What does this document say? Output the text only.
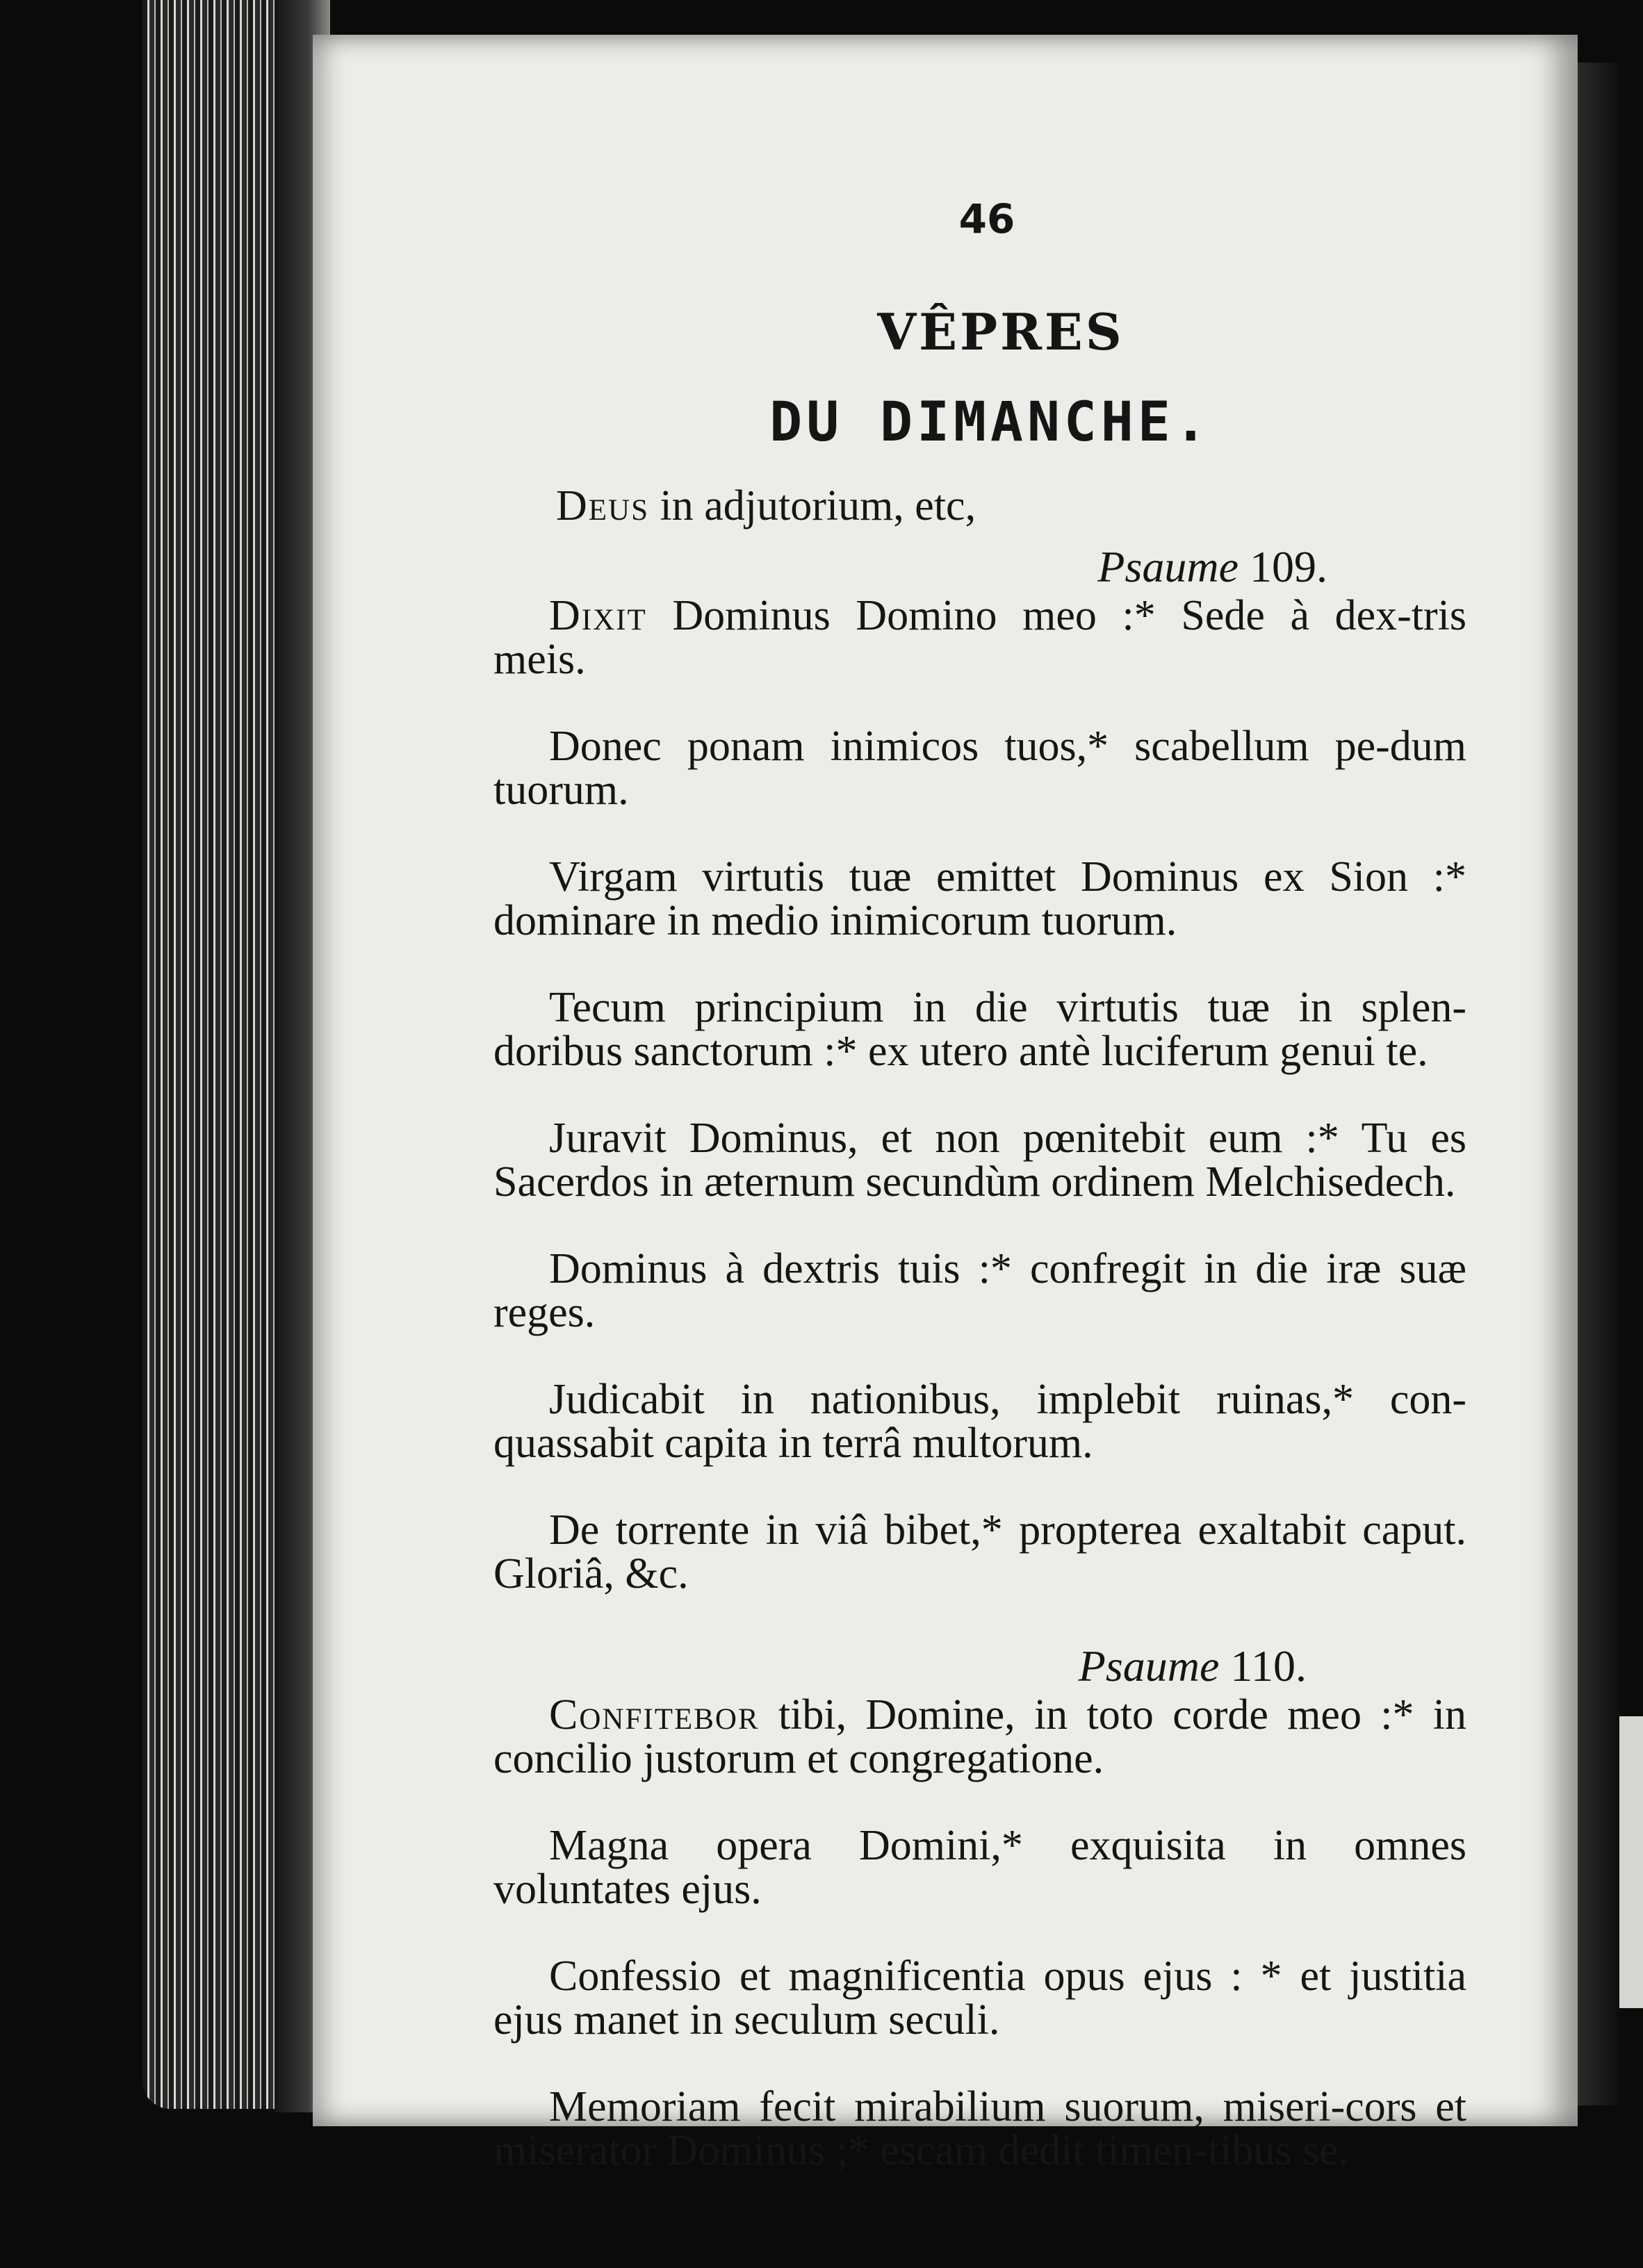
46
VÊPRES
DU DIMANCHE.
Deus in adjutorium, etc,
Psaume 109.

Dixit Dominus Domino meo :* Sede à dex-tris meis.

Donec ponam inimicos tuos,* scabellum pe-dum tuorum.

Virgam virtutis tuæ emittet Dominus ex Sion :* dominare in medio inimicorum tuorum.

Tecum principium in die virtutis tuæ in splen-doribus sanctorum :* ex utero antè luciferum genui te.

Juravit Dominus, et non pœnitebit eum :* Tu es Sacerdos in æternum secundùm ordinem Melchisedech.

Dominus à dextris tuis :* confregit in die iræ suæ reges.

Judicabit in nationibus, implebit ruinas,* con-quassabit capita in terrâ multorum.

De torrente in viâ bibet,* propterea exaltabit caput. Gloriâ, &c.

Psaume 110.

Confitebor tibi, Domine, in toto corde meo :* in concilio justorum et congregatione.

Magna opera Domini,* exquisita in omnes voluntates ejus.

Confessio et magnificentia opus ejus : * et justitia ejus manet in seculum seculi.

Memoriam fecit mirabilium suorum, miseri-cors et miserator Dominus ;* escam dedit timen-tibus se.
